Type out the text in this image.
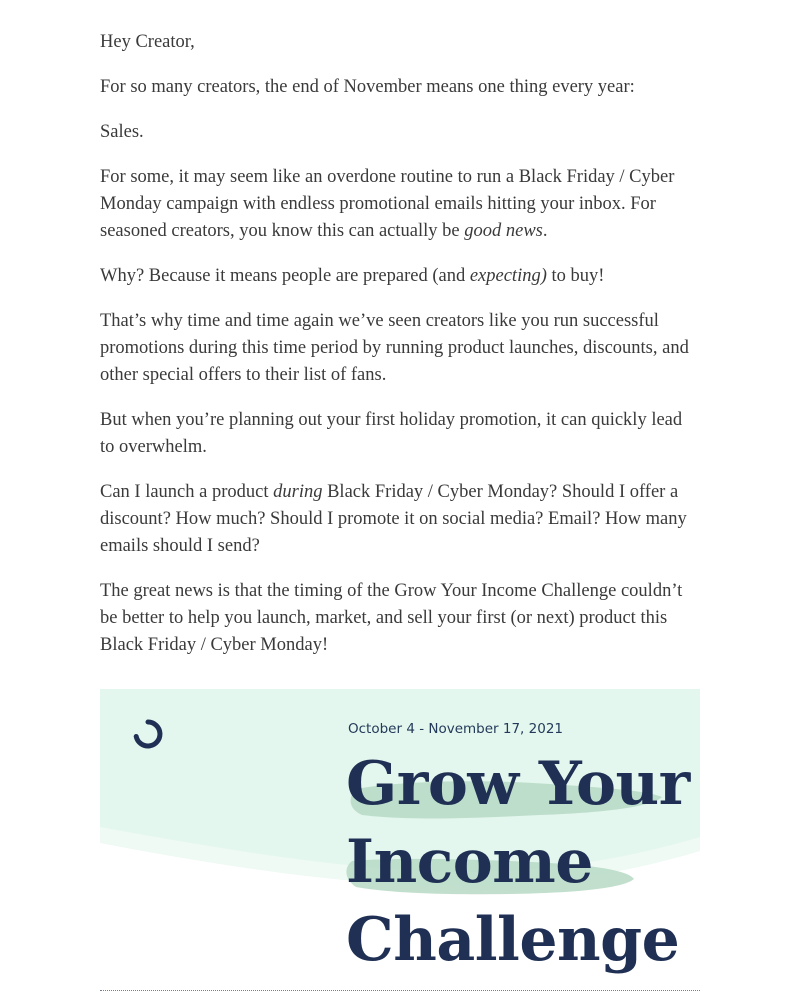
Hey Creator,

For so many creators, the end of November means one thing every year:

Sales.

For some, it may seem like an overdone routine to run a Black Friday / Cyber Monday campaign with endless promotional emails hitting your inbox. For seasoned creators, you know this can actually be good news.

Why? Because it means people are prepared (and expecting) to buy!

That’s why time and time again we’ve seen creators like you run successful promotions during this time period by running product launches, discounts, and other special offers to their list of fans.

But when you’re planning out your first holiday promotion, it can quickly lead to overwhelm.

Can I launch a product during Black Friday / Cyber Monday? Should I offer a discount? How much? Should I promote it on social media? Email? How many emails should I send?

The great news is that the timing of the Grow Your Income Challenge couldn’t be better to help you launch, market, and sell your first (or next) product this Black Friday / Cyber Monday!

October 4 - November 17, 2021
Grow Your
Income
Challenge
